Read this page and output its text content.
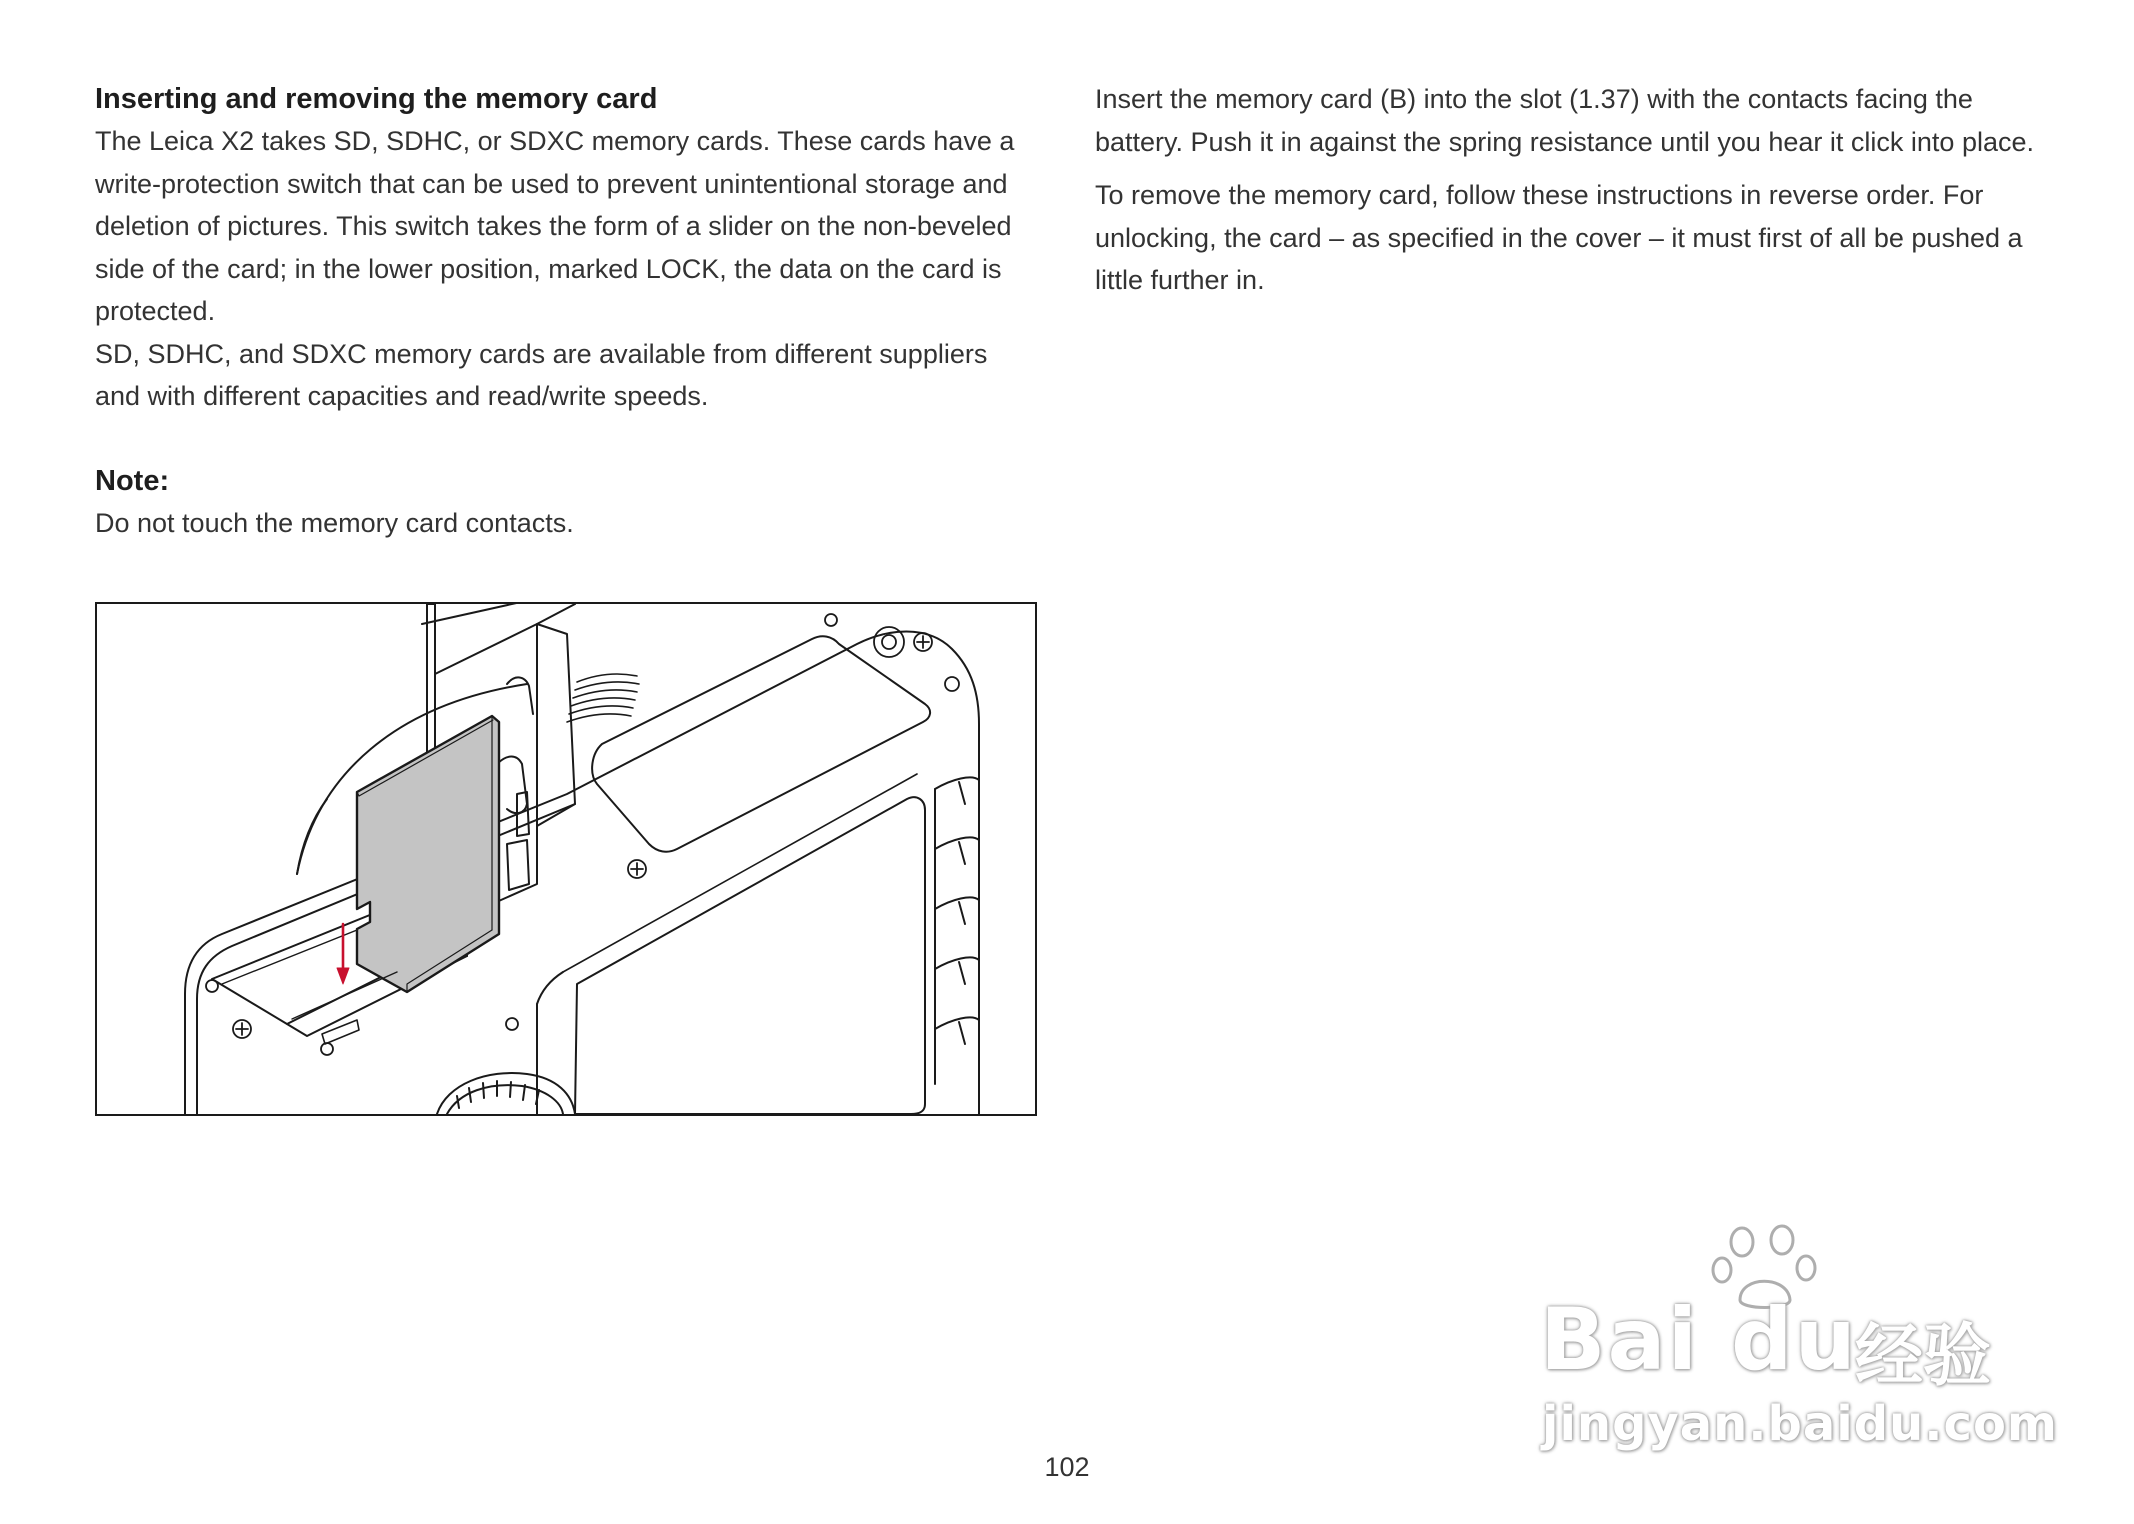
Inserting and removing the memory card

The Leica X2 takes SD, SDHC, or SDXC memory cards. These cards have a write-protection switch that can be used to prevent unintentional storage and deletion of pictures. This switch takes the form of a slider on the non-beveled side of the card; in the lower position, marked LOCK, the data on the card is protected.

SD, SDHC, and SDXC memory cards are available from different suppliers and with different capacities and read/write speeds.

Note:

Do not touch the memory card contacts.

Insert the memory card (B) into the slot (1.37) with the contacts facing the battery. Push it in against the spring resistance until you hear it click into place.

To remove the memory card, follow these instructions in reverse order. For unlocking, the card – as specified in the cover – it must first of all be pushed a little further in.

102
Bai du
经验
jingyan.baidu.com
